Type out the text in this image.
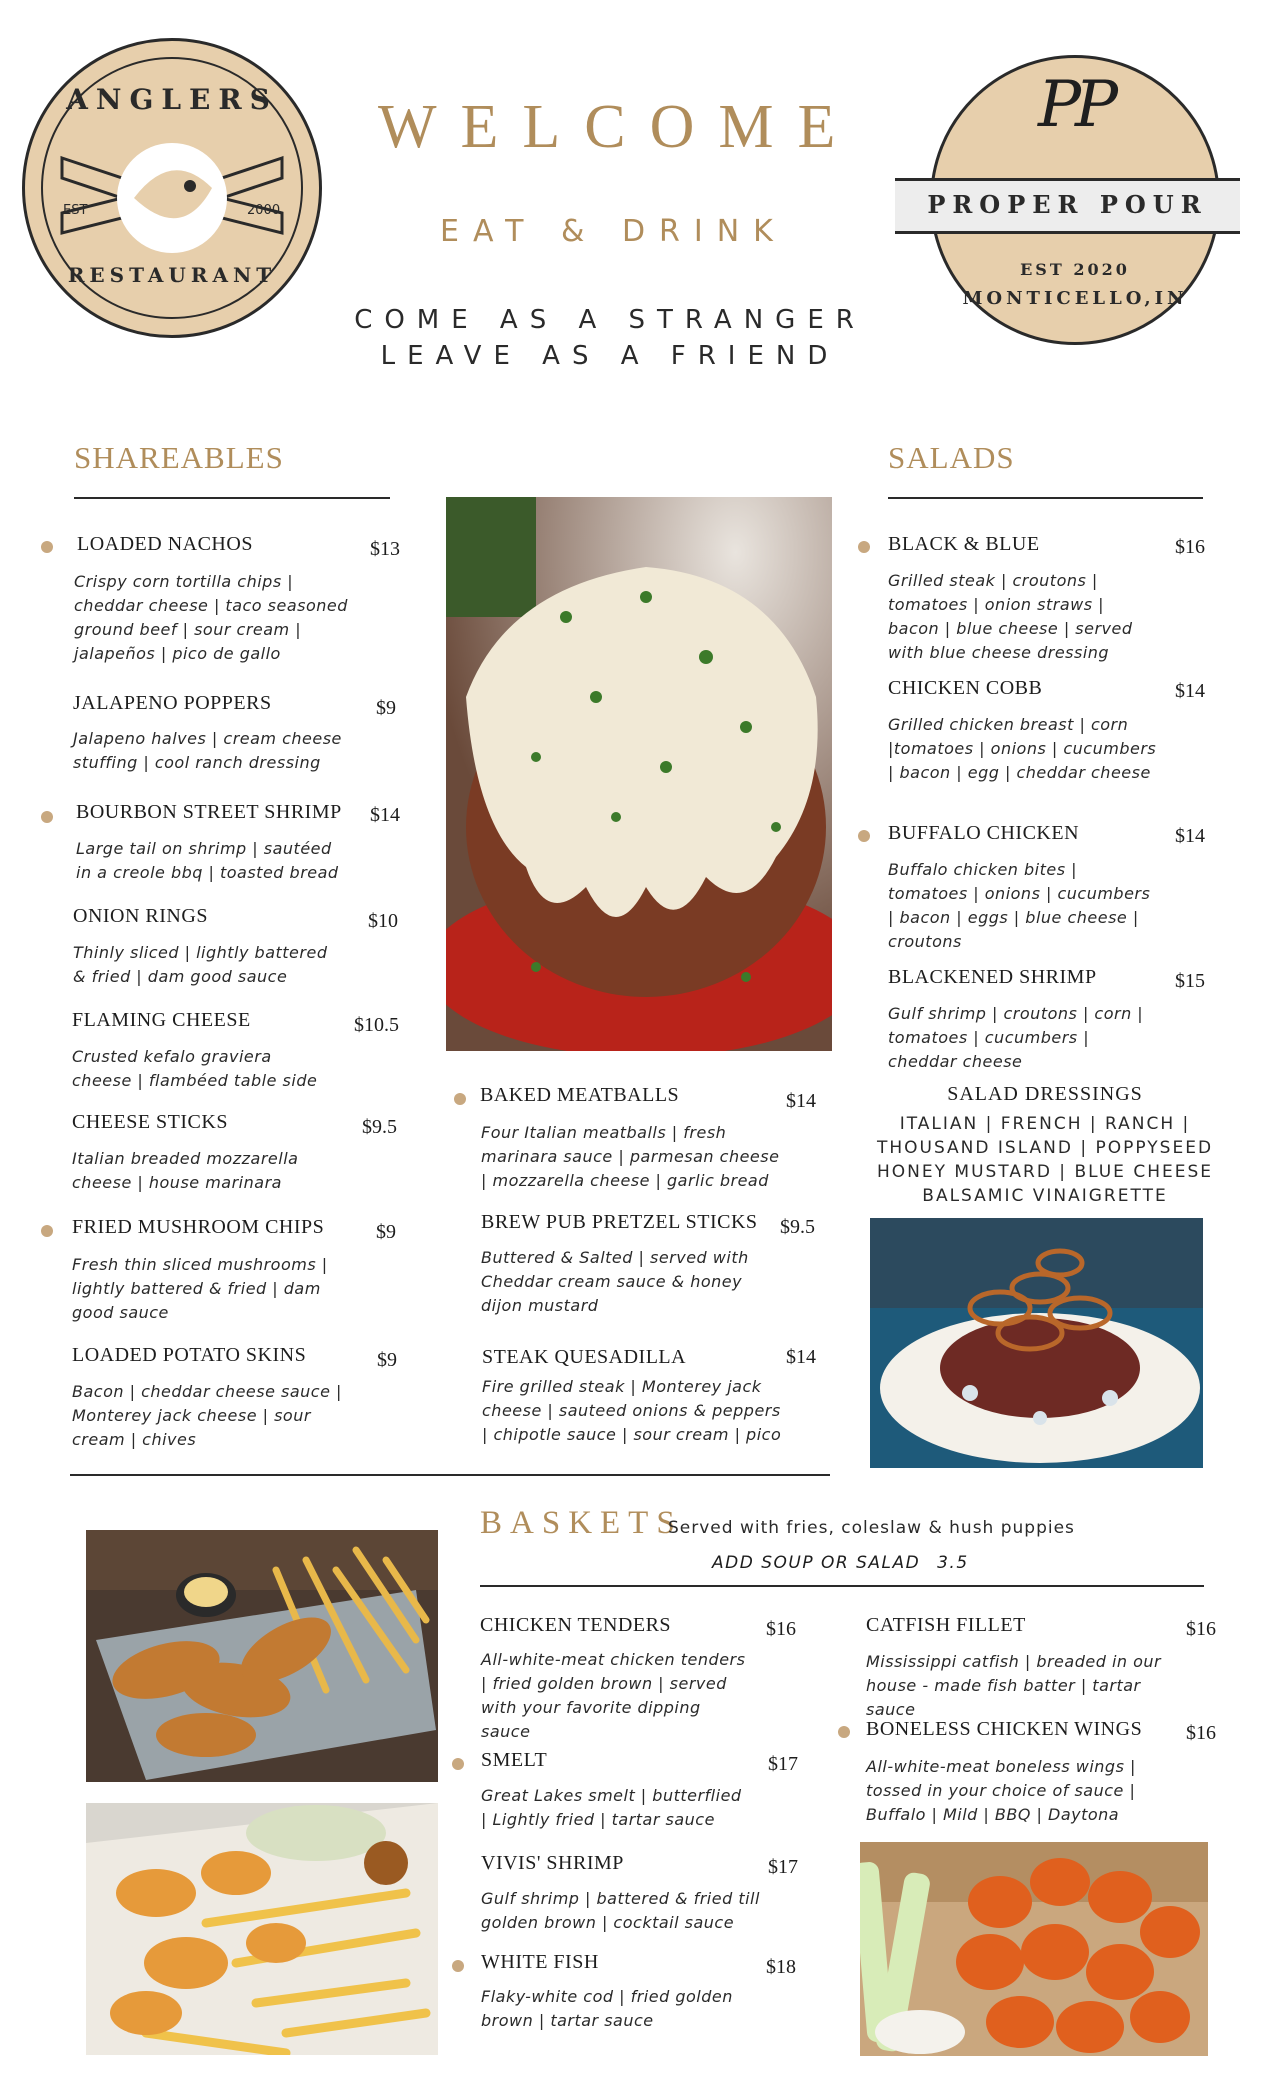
ANGLERS
RESTAURANT
EST	2000
PP
PROPER POUR
EST 2020
MONTICELLO,IN
WELCOME
EAT & DRINK
COME AS A STRANGER
LEAVE AS A FRIEND
SHAREABLES
LOADED NACHOS	$13
Crispy corn tortilla chips | cheddar cheese | taco seasoned ground beef | sour cream | jalapeños | pico de gallo
JALAPENO POPPERS	$9
Jalapeno halves | cream cheese stuffing | cool ranch dressing
BOURBON STREET SHRIMP $14
Large tail on shrimp | sautéed in a creole bbq | toasted bread
ONION RINGS	$10
Thinly sliced | lightly battered & fried | dam good sauce
FLAMING CHEESE	$10.5
Crusted kefalo graviera cheese | flambéed table side
CHEESE STICKS	$9.5
Italian breaded mozzarella cheese | house marinara
FRIED MUSHROOM CHIPS	$9
Fresh thin sliced mushrooms | lightly battered & fried | dam good sauce
LOADED POTATO SKINS	$9
Bacon | cheddar cheese sauce | Monterey jack cheese | sour cream | chives
BAKED MEATBALLS	$14
Four Italian meatballs | fresh marinara sauce | parmesan cheese | mozzarella cheese | garlic bread
BREW PUB PRETZEL STICKS $9.5
Buttered & Salted | served with Cheddar cream sauce & honey dijon mustard
STEAK QUESADILLA	$14
Fire grilled steak | Monterey jack cheese | sauteed onions & peppers | chipotle sauce | sour cream | pico
SALADS
BLACK & BLUE	$16
Grilled steak | croutons | tomatoes | onion straws | bacon | blue cheese | served with blue cheese dressing
CHICKEN COBB	$14
Grilled chicken breast | corn |tomatoes | onions | cucumbers | bacon | egg | cheddar cheese
BUFFALO CHICKEN	$14
Buffalo chicken bites | tomatoes | onions | cucumbers | bacon | eggs | blue cheese | croutons
BLACKENED SHRIMP	$15
Gulf shrimp | croutons | corn | tomatoes | cucumbers | cheddar cheese
SALAD DRESSINGS
ITALIAN | FRENCH | RANCH |
THOUSAND ISLAND | POPPYSEED
HONEY MUSTARD | BLUE CHEESE
BALSAMIC VINAIGRETTE
BASKETS
Served with fries, coleslaw & hush puppies
ADD SOUP OR SALAD 3.5
CHICKEN TENDERS	$16
All-white-meat chicken tenders | fried golden brown | served with your favorite dipping sauce
SMELT	$17
Great Lakes smelt | butterflied | Lightly fried | tartar sauce
VIVIS' SHRIMP	$17
Gulf shrimp | battered & fried till golden brown | cocktail sauce
WHITE FISH	$18
Flaky-white cod | fried golden brown | tartar sauce
CATFISH FILLET	$16
Mississippi catfish | breaded in our house - made fish batter | tartar sauce
BONELESS CHICKEN WINGS $16
All-white-meat boneless wings | tossed in your choice of sauce | Buffalo | Mild | BBQ | Daytona
